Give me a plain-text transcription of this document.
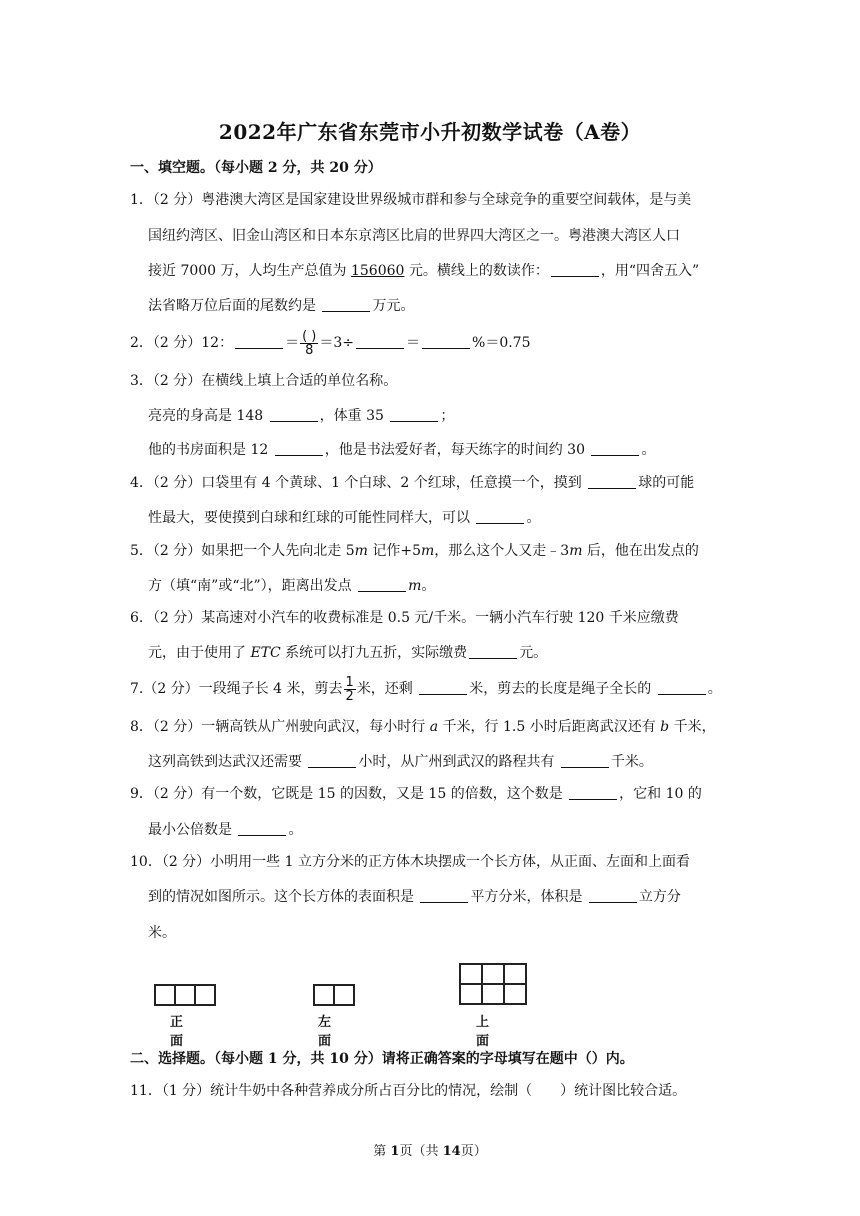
2022年广东省东莞市小升初数学试卷（A卷）
一、填空题。（每小题 2 分，共 20 分）
1．（2 分）粤港澳大湾区是国家建设世界级城市群和参与全球竞争的重要空间载体，是与美
国纽约湾区、旧金山湾区和日本东京湾区比肩的世界四大湾区之一。粤港澳大湾区人口
接近 7000 万，人均生产总值为 156060 元。横线上的数读作：	，用“四舍五入”
法省略万位后面的尾数约是	万元。
2．（2 分）12：	＝ $\frac{( )}{8} =3\div$	＝	%＝0.75
3．（2 分）在横线上填上合适的单位名称。
亮亮的身高是 148	，体重 35	；
他的书房面积是 12	，他是书法爱好者，每天练字的时间约 30	。
4．（2 分）口袋里有 4 个黄球、1 个白球、2 个红球，任意摸一个，摸到	球的可能
性最大，要使摸到白球和红球的可能性同样大，可以	。
5．（2 分）如果把一个人先向北走 5m 记作+5m，那么这个人又走﹣3m 后，他在出发点的
方（填“南”或“北”），距离出发点	m。
6．（2 分）某高速对小汽车的收费标准是 0.5 元/千米。一辆小汽车行驶 120 千米应缴费
元，由于使用了 ETC 系统可以打九五折，实际缴费	元。
7.（2 分）一段绳子长 4 米，剪去 $\frac{1}{2}$ 米，还剩	米，剪去的长度是绳子全长的	。
8．（2 分）一辆高铁从广州驶向武汉，每小时行 a 千米，行 1.5 小时后距离武汉还有 b 千米，
这列高铁到达武汉还需要	小时，从广州到武汉的路程共有	千米。
9．（2 分）有一个数，它既是 15 的因数，又是 15 的倍数，这个数是	，它和 10 的
最小公倍数是	。
10．（2 分）小明用一些 1 立方分米的正方体木块摆成一个长方体，从正面、左面和上面看
到的情况如图所示。这个长方体的表面积是	平方分米，体积是	立方分
米。
正面
左面
上面
二、选择题。（每小题 1 分，共 10 分）请将正确答案的字母填写在题中（）内。
11．（1 分）统计牛奶中各种营养成分所占百分比的情况，绘制（　　）统计图比较合适。
第 1页（共 14页）
